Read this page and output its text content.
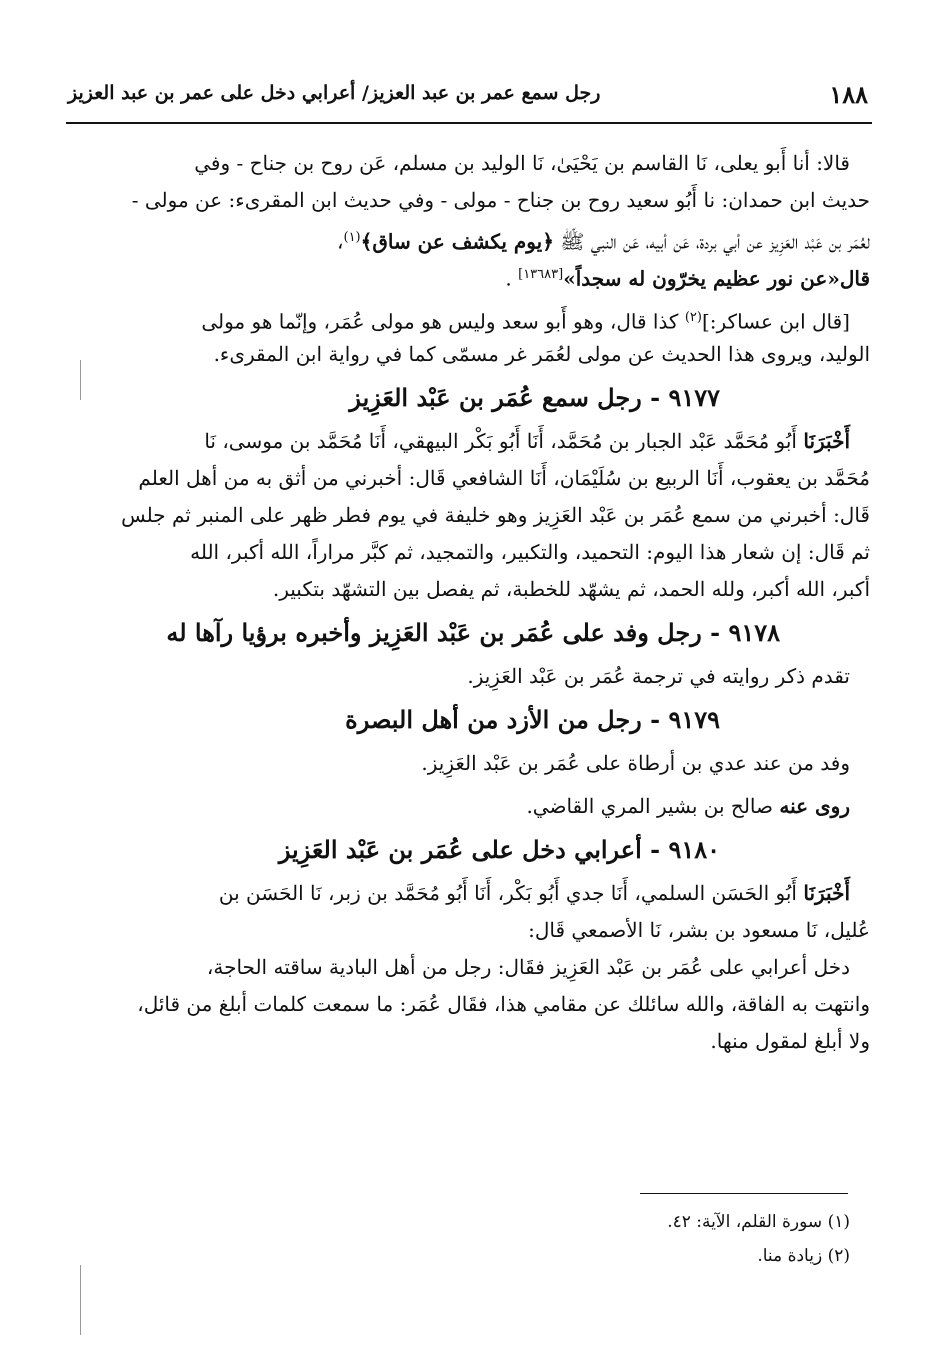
١٨٨
رجل سمع عمر بن عبد العزيز/ أعرابي دخل على عمر بن عبد العزيز
قالا: أنا أَبو يعلى، نَا القاسم بن يَحْيَىٰ، نَا الوليد بن مسلم، عَن روح بن جناح - وفي
حديث ابن حمدان: نا أَبُو سعيد روح بن جناح - مولى - وفي حديث ابن المقرىء: عن مولى -
لعُمَر بن عَبْد العَزِيز عن أبي بردة، عَن أبيه، عَن النبي ﷺ ﴿يوم يكشف عن ساق﴾$^{(١)}$،
قال«عن نور عظيم يخرّون له سجداً»[١٣٦٨٣] .
[قال ابن عساكر:]$^{(٢)}$ كذا قال، وهو أَبو سعد وليس هو مولى عُمَر، وإنّما هو مولى
الوليد، ويروى هذا الحديث عن مولى لعُمَر غر مسمّى كما في رواية ابن المقرىء.
٩١٧٧ - رجل سمع عُمَر بن عَبْد العَزِيز
أَخْبَرَنَا أَبُو مُحَمَّد عَبْد الجبار بن مُحَمَّد، أَنَا أَبُو بَكْر البيهقي، أَنَا مُحَمَّد بن موسى، نَا
مُحَمَّد بن يعقوب، أَنَا الربيع بن سُلَيْمَان، أَنَا الشافعي قَال: أخبرني من أثق به من أهل العلم
قَال: أخبرني من سمع عُمَر بن عَبْد العَزِيز وهو خليفة في يوم فطر ظهر على المنبر ثم جلس
ثم قَال: إن شعار هذا اليوم: التحميد، والتكبير، والتمجيد، ثم كبَّر مراراً، الله أكبر، الله
أكبر، الله أكبر، ولله الحمد، ثم يشهّد للخطبة، ثم يفصل بين التشهّد بتكبير.
٩١٧٨ - رجل وفد على عُمَر بن عَبْد العَزِيز وأخبره برؤيا رآها له
تقدم ذكر روايته في ترجمة عُمَر بن عَبْد العَزِيز.
٩١٧٩ - رجل من الأزد من أهل البصرة
وفد من عند عدي بن أرطاة على عُمَر بن عَبْد العَزِيز.
روى عنه صالح بن بشير المري القاضي.
٩١٨٠ - أعرابي دخل على عُمَر بن عَبْد العَزِيز
أَخْبَرَنَا أَبُو الحَسَن السلمي، أَنَا جدي أَبُو بَكْر، أَنَا أَبُو مُحَمَّد بن زبر، نَا الحَسَن بن
عُليل، نَا مسعود بن بشر، نَا الأصمعي قَال:
دخل أعرابي على عُمَر بن عَبْد العَزِيز فقَال: رجل من أهل البادية ساقته الحاجة،
وانتهت به الفاقة، والله سائلك عن مقامي هذا، فقَال عُمَر: ما سمعت كلمات أبلغ من قائل،
ولا أبلغ لمقول منها.
(١) سورة القلم، الآية: ٤٢.
(٢) زيادة منا.
